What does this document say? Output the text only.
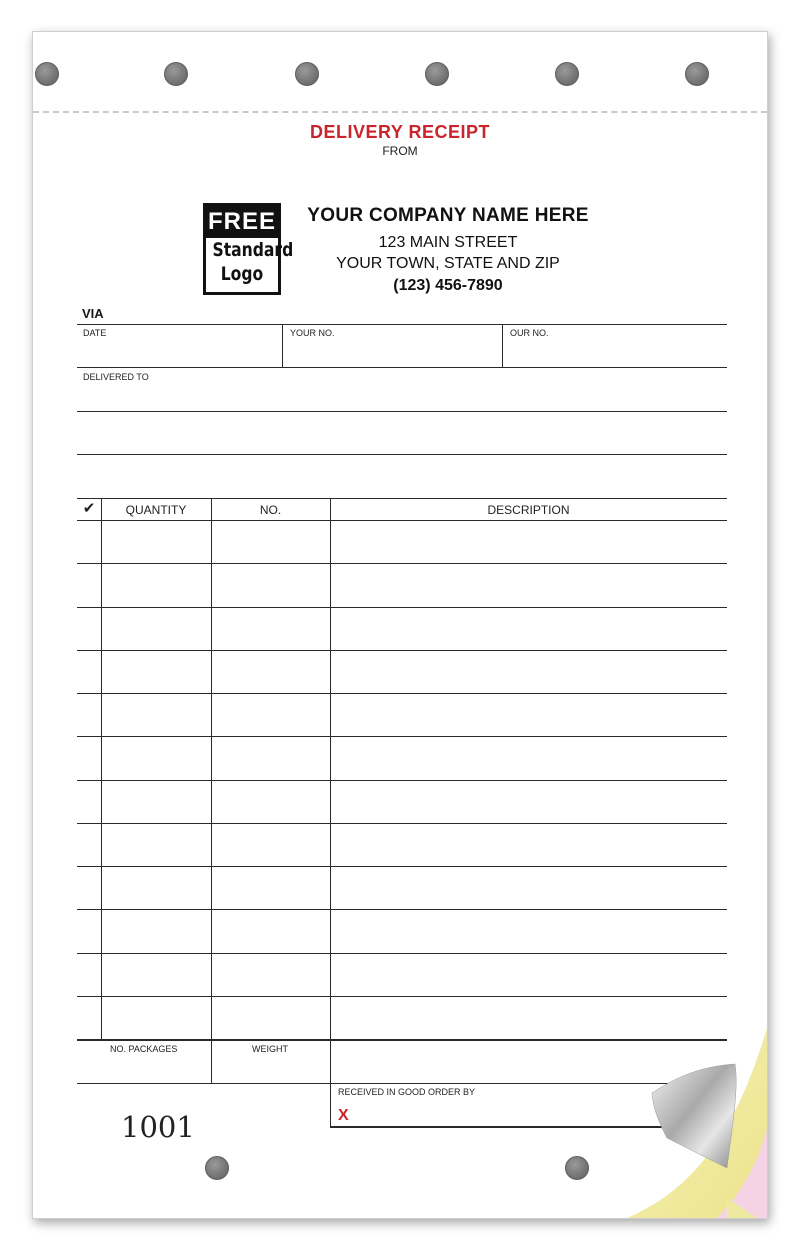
DELIVERY RECEIPT
FROM
FREE
Standard
Logo
YOUR COMPANY NAME HERE
123 MAIN STREET
YOUR TOWN, STATE AND ZIP
(123) 456-7890
VIA
DATE	YOUR NO.	OUR NO.
DELIVERED TO
✔	QUANTITY	NO.	DESCRIPTION
NO. PACKAGES	WEIGHT
RECEIVED IN GOOD ORDER BY
X
1001
